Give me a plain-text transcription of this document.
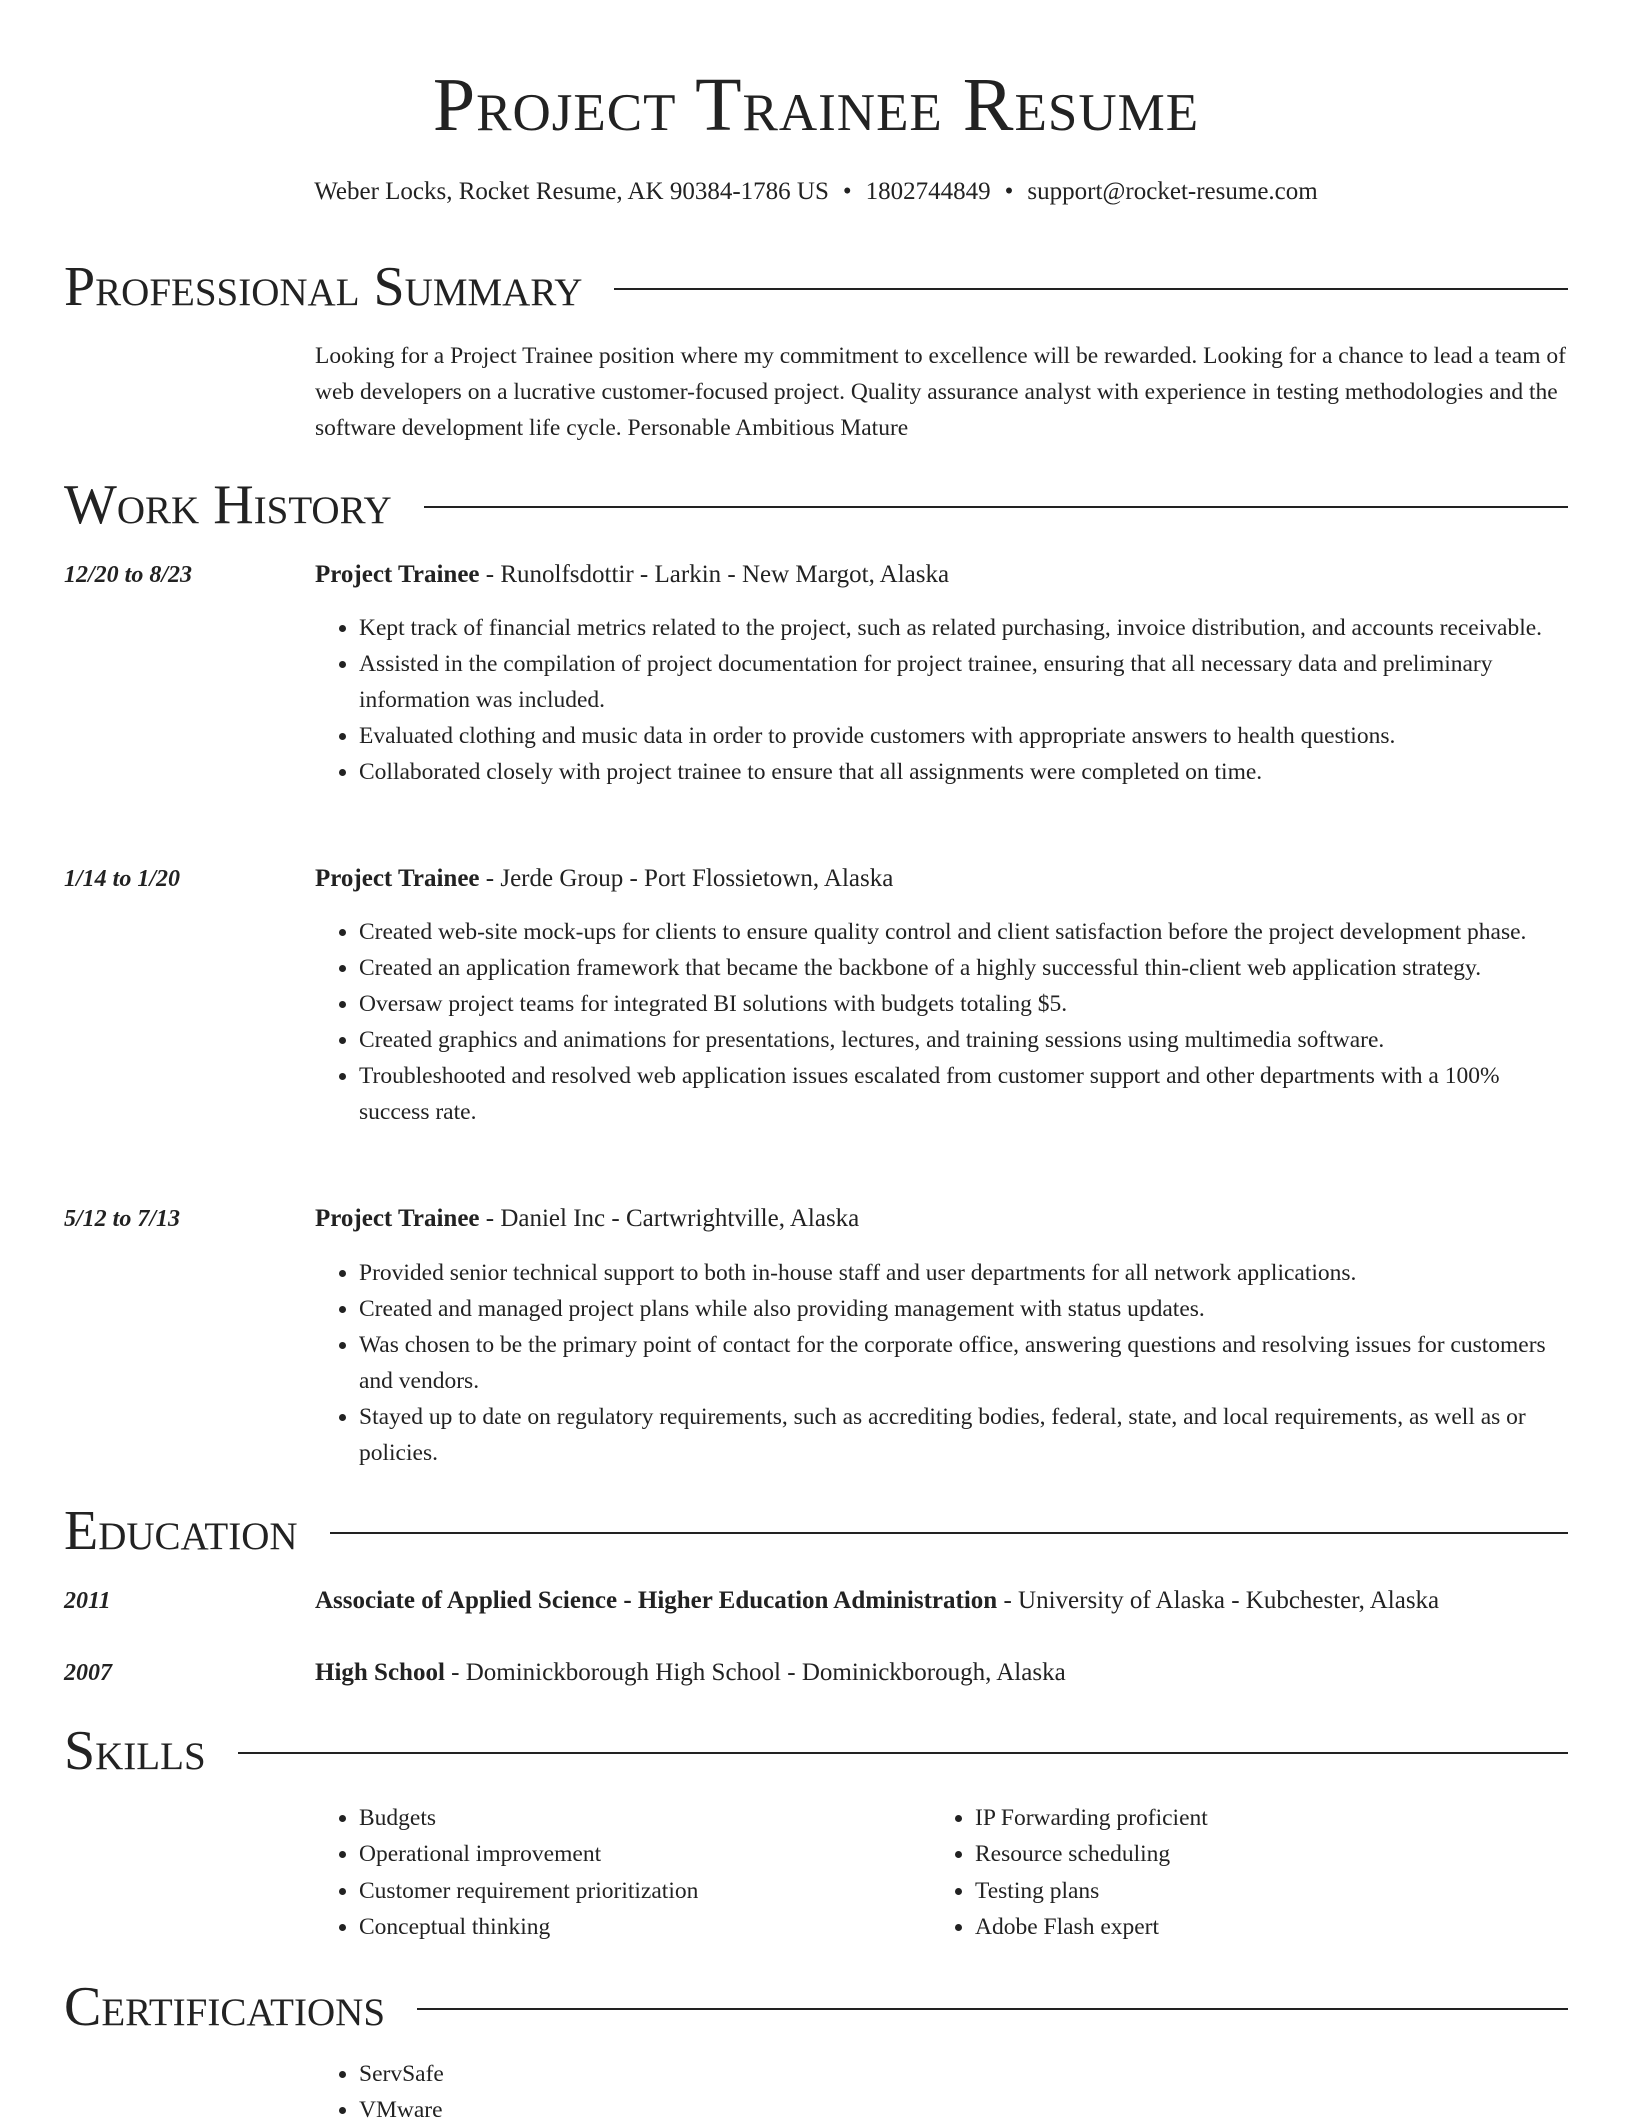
Project Trainee Resume
Weber Locks, Rocket Resume, AK 90384-1786 US • 1802744849 • support@rocket-resume.com
Professional Summary

Looking for a Project Trainee position where my commitment to excellence will be rewarded. Looking for a chance to lead a team of web developers on a lucrative customer-focused project. Quality assurance analyst with experience in testing methodologies and the software development life cycle. Personable Ambitious Mature

Work History
12/20 to 8/23	Project Trainee - Runolfsdottir - Larkin - New Margot, Alaska
• Kept track of financial metrics related to the project, such as related purchasing, invoice distribution, and accounts receivable.
• Assisted in the compilation of project documentation for project trainee, ensuring that all necessary data and preliminary information was included.
• Evaluated clothing and music data in order to provide customers with appropriate answers to health questions.
• Collaborated closely with project trainee to ensure that all assignments were completed on time.
1/14 to 1/20	Project Trainee - Jerde Group - Port Flossietown, Alaska
• Created web-site mock-ups for clients to ensure quality control and client satisfaction before the project development phase.
• Created an application framework that became the backbone of a highly successful thin-client web application strategy.
• Oversaw project teams for integrated BI solutions with budgets totaling $5.
• Created graphics and animations for presentations, lectures, and training sessions using multimedia software.
• Troubleshooted and resolved web application issues escalated from customer support and other departments with a 100% success rate.
5/12 to 7/13	Project Trainee - Daniel Inc - Cartwrightville, Alaska
• Provided senior technical support to both in-house staff and user departments for all network applications.
• Created and managed project plans while also providing management with status updates.
• Was chosen to be the primary point of contact for the corporate office, answering questions and resolving issues for customers and vendors.
• Stayed up to date on regulatory requirements, such as accrediting bodies, federal, state, and local requirements, as well as or policies.
Education
2011	Associate of Applied Science - Higher Education Administration - University of Alaska - Kubchester, Alaska
2007	High School - Dominickborough High School - Dominickborough, Alaska
Skills
• Budgets
• Operational improvement
• Customer requirement prioritization
• Conceptual thinking
• IP Forwarding proficient
• Resource scheduling
• Testing plans
• Adobe Flash expert
Certifications
• ServSafe
• VMware
